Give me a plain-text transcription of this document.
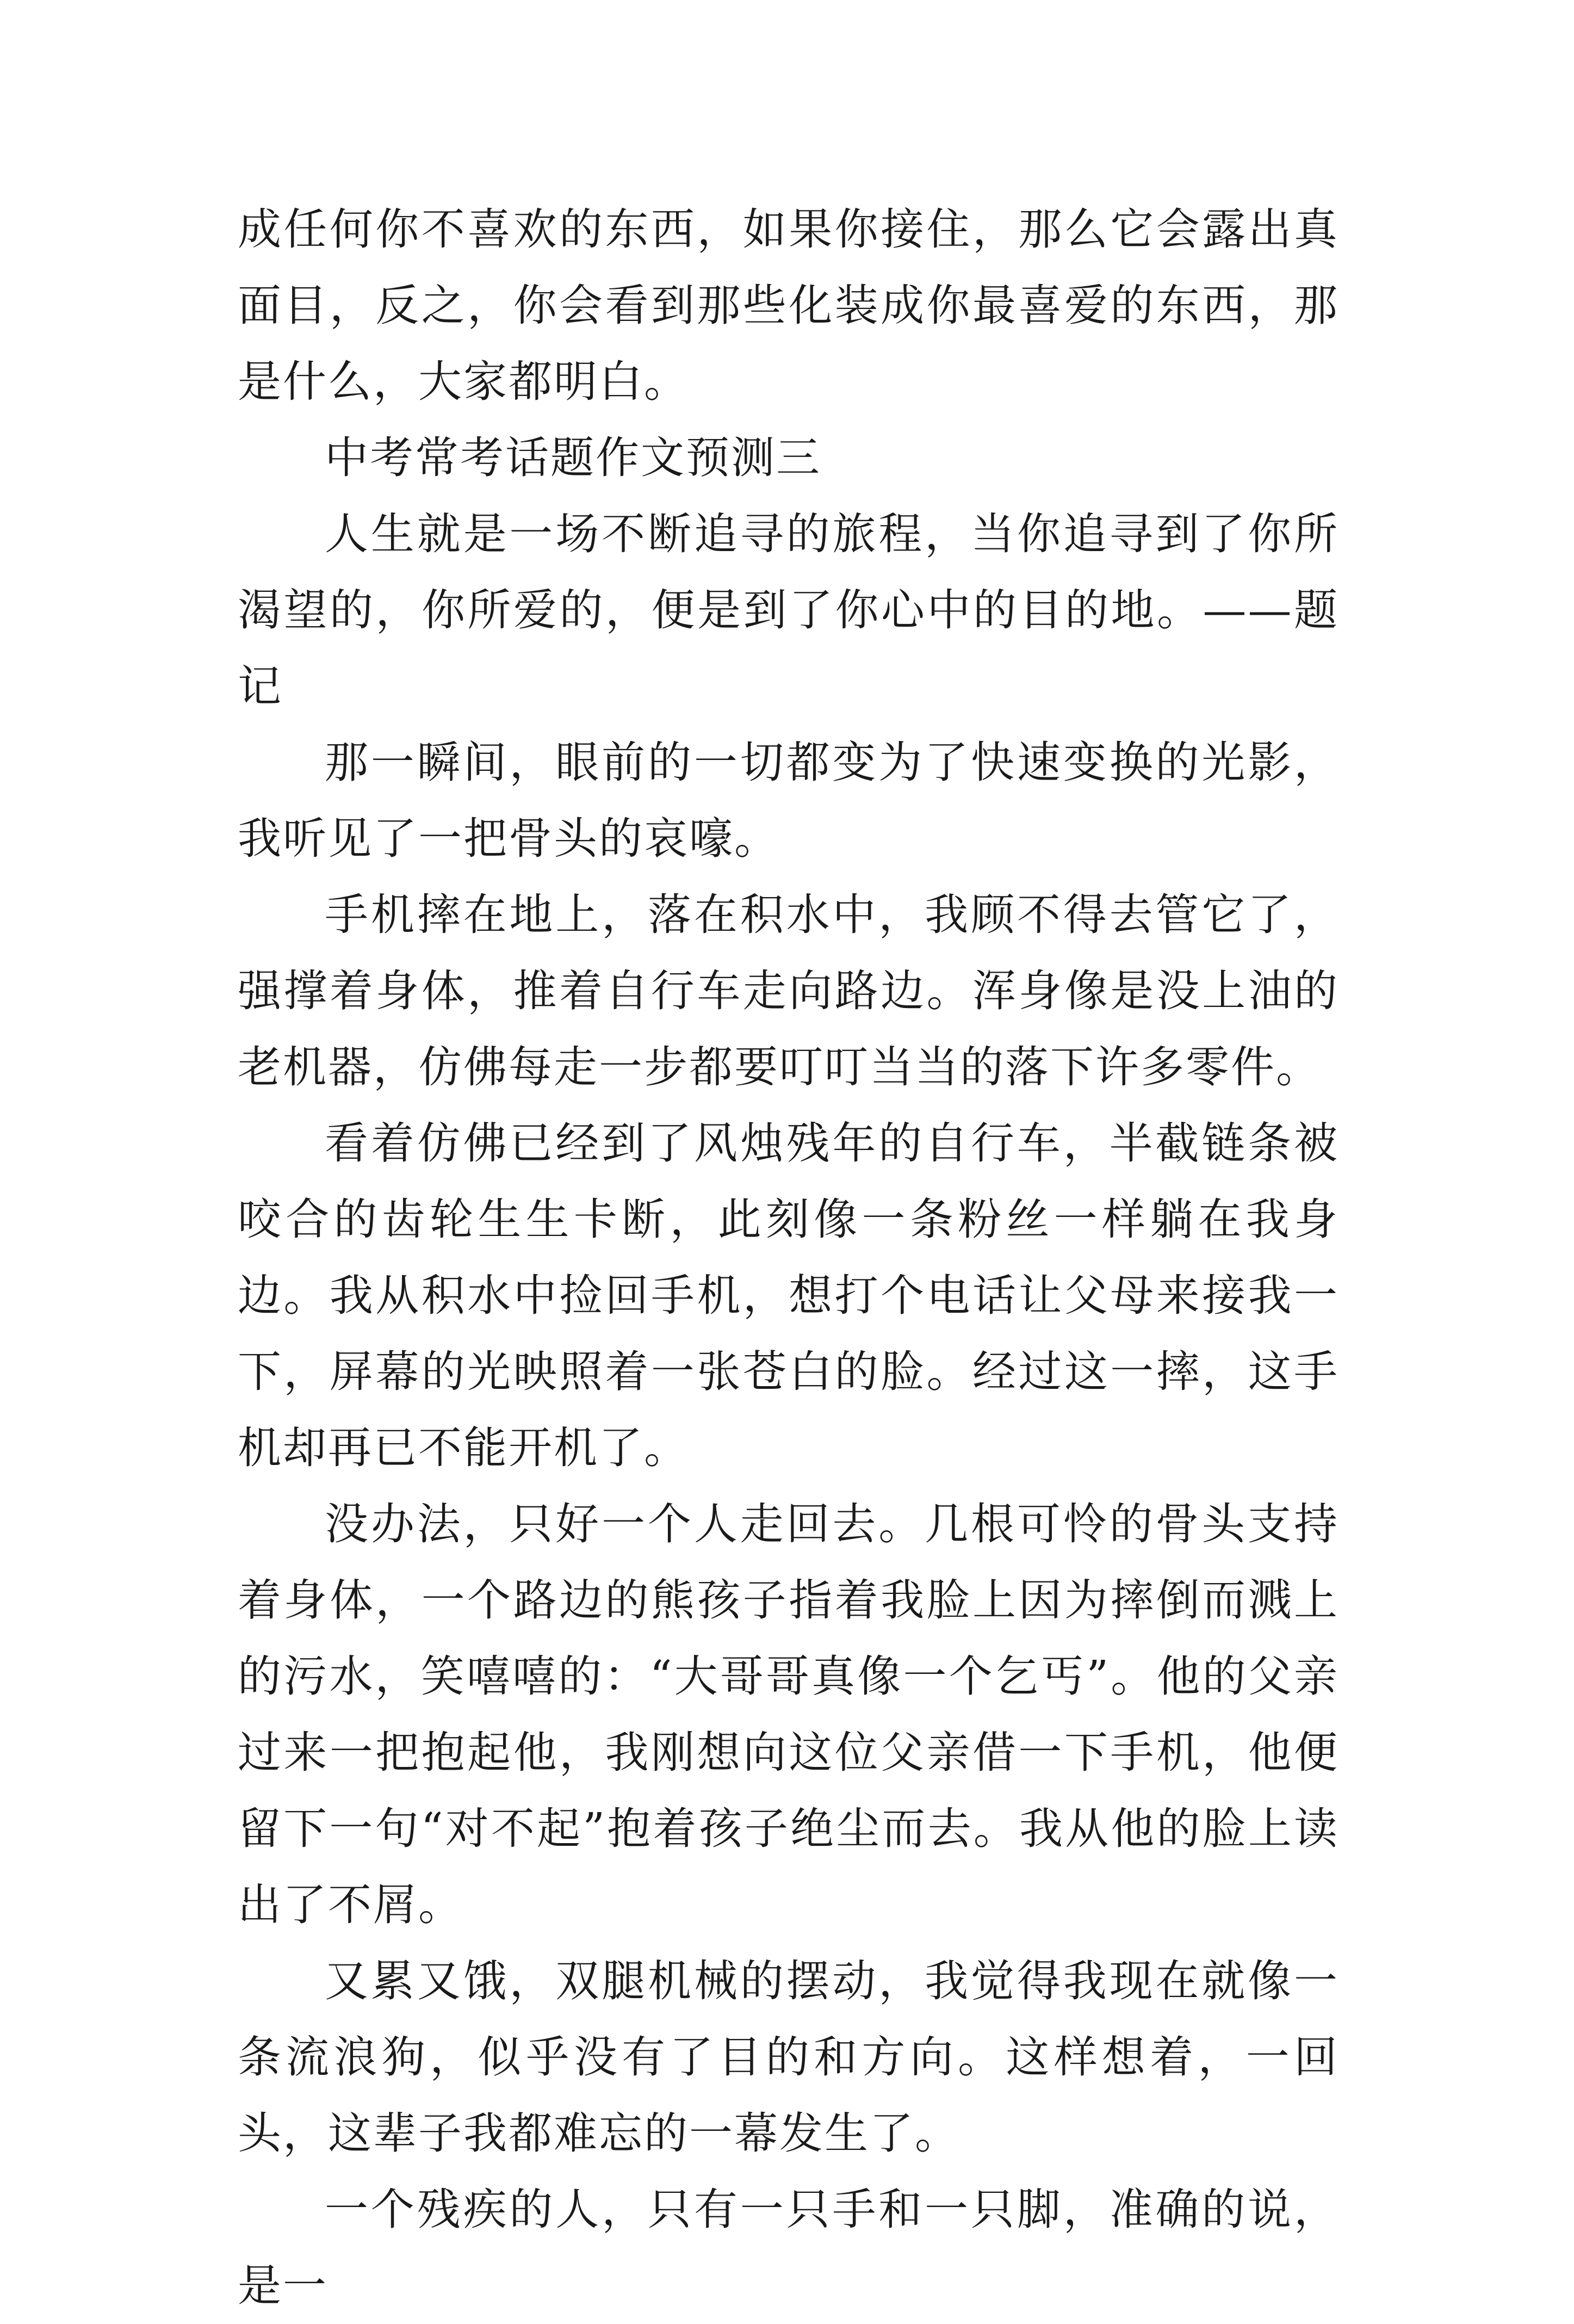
成任何你不喜欢的东西，如果你接住，那么它会露出真面目，反之，你会看到那些化装成你最喜爱的东西，那是什么，大家都明白。

中考常考话题作文预测三

人生就是一场不断追寻的旅程，当你追寻到了你所渴望的，你所爱的，便是到了你心中的目的地。——题记

那一瞬间，眼前的一切都变为了快速变换的光影，我听见了一把骨头的哀嚎。

手机摔在地上，落在积水中，我顾不得去管它了，强撑着身体，推着自行车走向路边。浑身像是没上油的老机器，仿佛每走一步都要叮叮当当的落下许多零件。

看着仿佛已经到了风烛残年的自行车，半截链条被咬合的齿轮生生卡断，此刻像一条粉丝一样躺在我身边。我从积水中捡回手机，想打个电话让父母来接我一下，屏幕的光映照着一张苍白的脸。经过这一摔，这手机却再已不能开机了。

没办法，只好一个人走回去。几根可怜的骨头支持着身体，一个路边的熊孩子指着我脸上因为摔倒而溅上的污水，笑嘻嘻的：“大哥哥真像一个乞丐”。他的父亲过来一把抱起他，我刚想向这位父亲借一下手机，他便留下一句“对不起”抱着孩子绝尘而去。我从他的脸上读出了不屑。

又累又饿，双腿机械的摆动，我觉得我现在就像一条流浪狗，似乎没有了目的和方向。这样想着，一回头，这辈子我都难忘的一幕发生了。

一个残疾的人，只有一只手和一只脚，准确的说，是一
